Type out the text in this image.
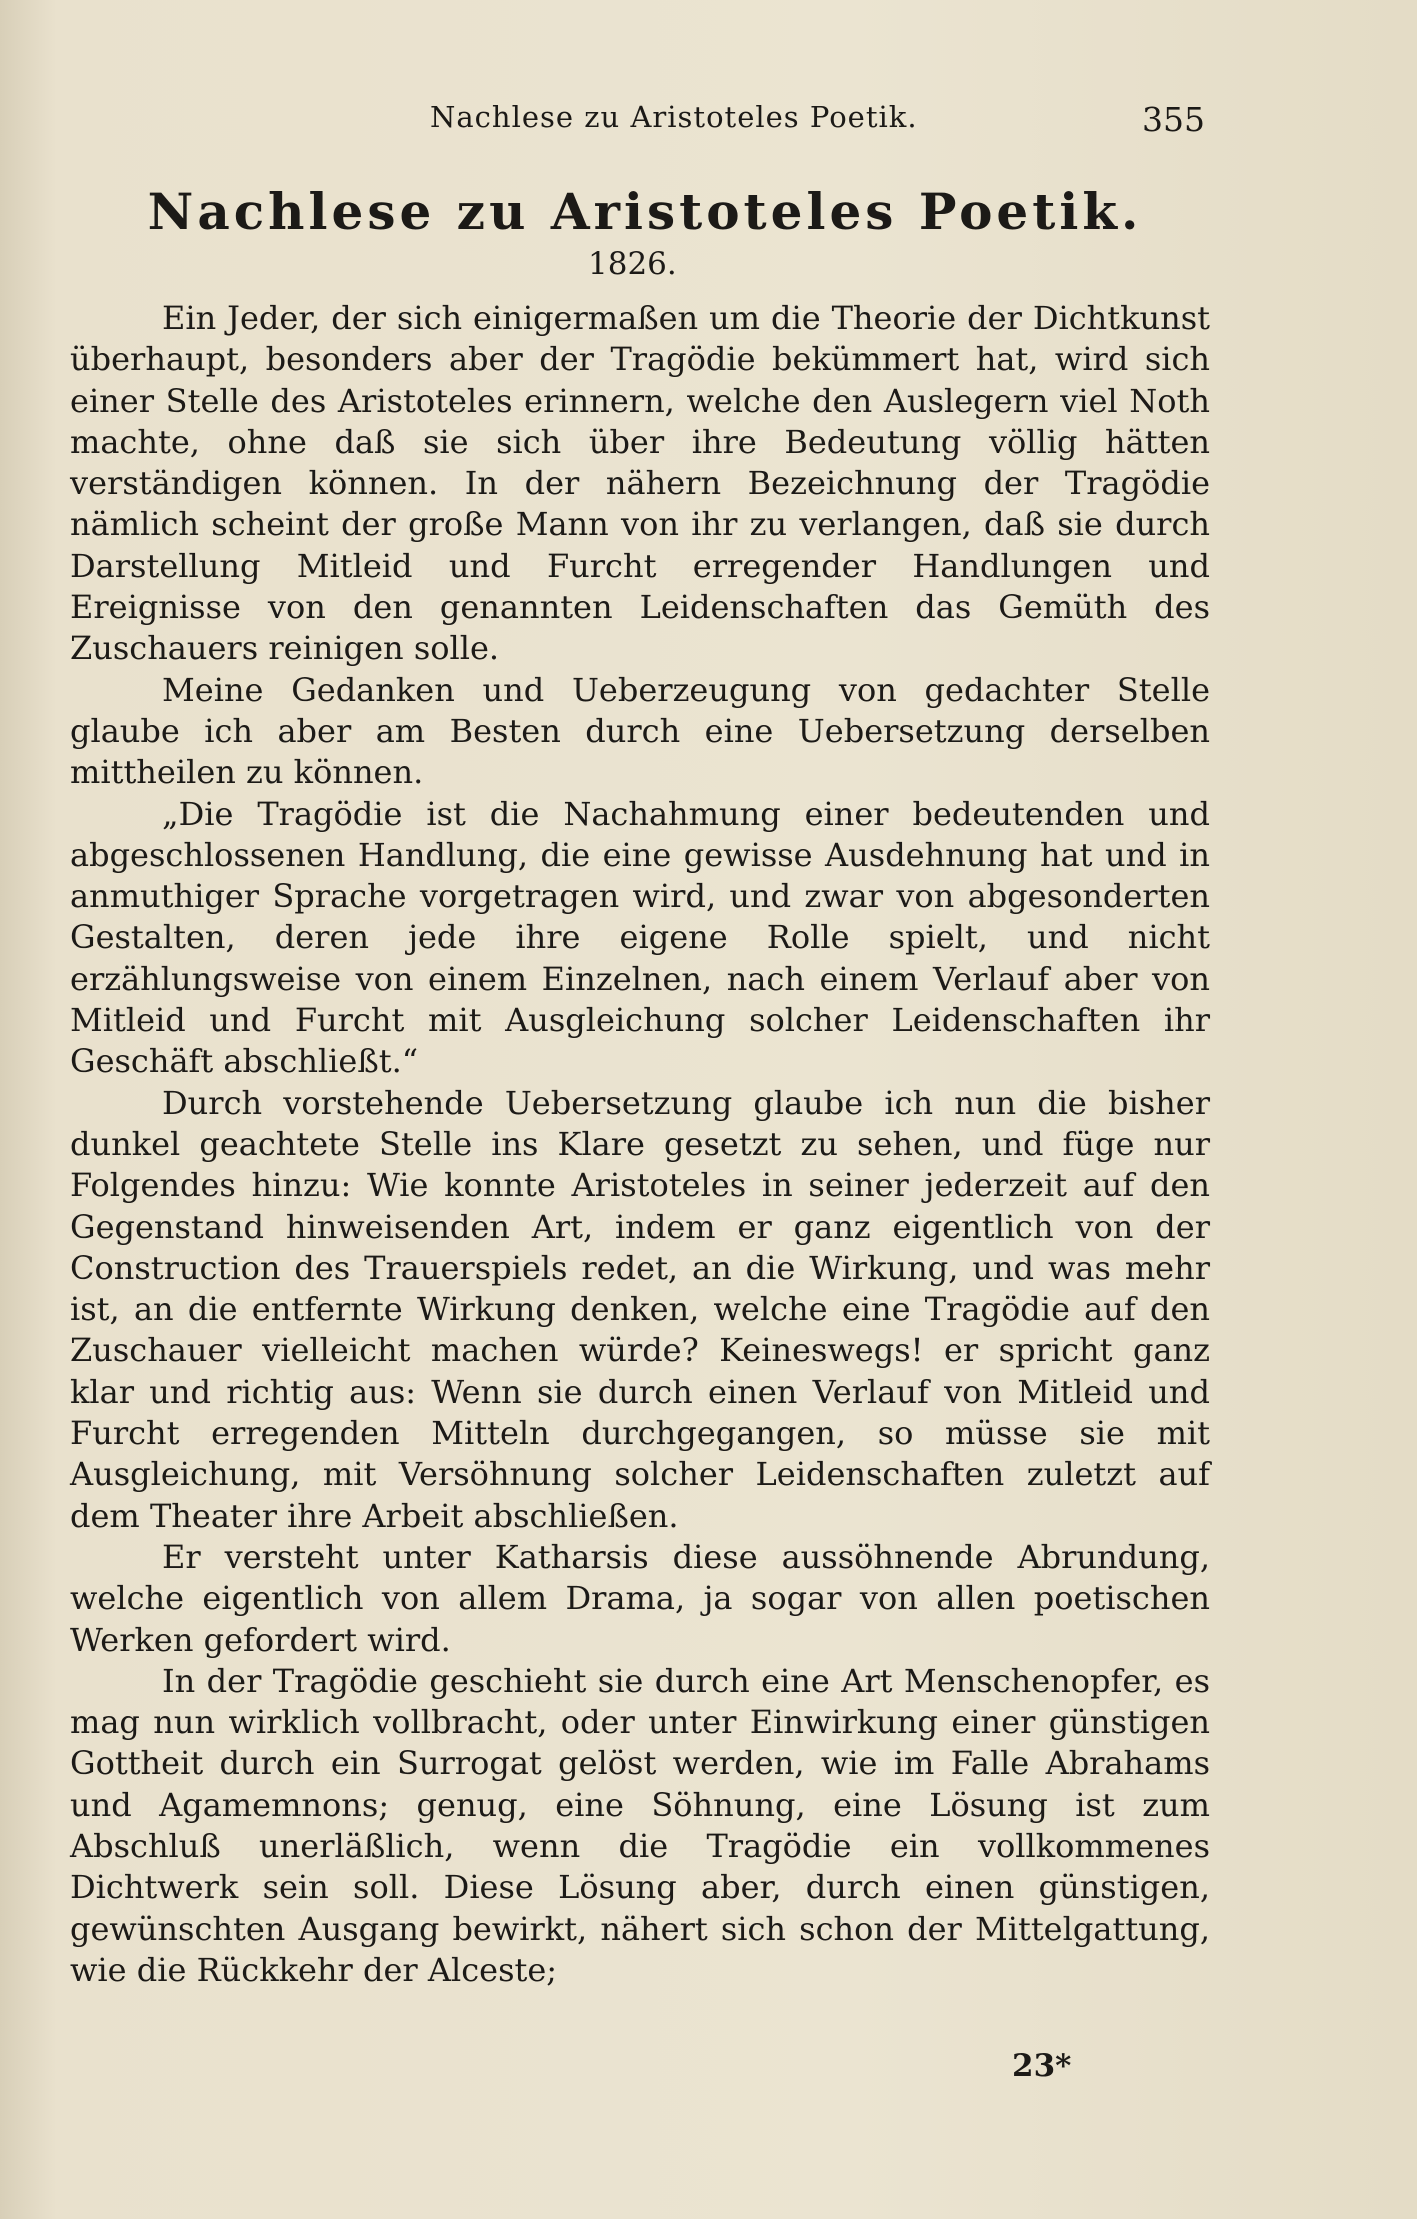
Nachlese zu Aristoteles Poetik.	355
Nachlese zu Aristoteles Poetik.
1826.

Ein Jeder, der sich einigermaßen um die Theorie der Dichtkunst überhaupt, besonders aber der Tragödie bekümmert hat, wird sich einer Stelle des Aristoteles erinnern, welche den Auslegern viel Noth machte, ohne daß sie sich über ihre Bedeutung völlig hätten verständigen können. In der nähern Bezeichnung der Tragödie nämlich scheint der große Mann von ihr zu verlangen, daß sie durch Darstellung Mitleid und Furcht erregender Handlungen und Ereignisse von den genannten Leidenschaften das Gemüth des Zuschauers reinigen solle.

Meine Gedanken und Ueberzeugung von gedachter Stelle glaube ich aber am Besten durch eine Uebersetzung derselben mittheilen zu können.

„Die Tragödie ist die Nachahmung einer bedeutenden und abgeschlossenen Handlung, die eine gewisse Ausdehnung hat und in anmuthiger Sprache vorgetragen wird, und zwar von abgesonderten Gestalten, deren jede ihre eigene Rolle spielt, und nicht erzählungsweise von einem Einzelnen, nach einem Verlauf aber von Mitleid und Furcht mit Ausgleichung solcher Leidenschaften ihr Geschäft abschließt.“

Durch vorstehende Uebersetzung glaube ich nun die bisher dunkel geachtete Stelle ins Klare gesetzt zu sehen, und füge nur Folgendes hinzu: Wie konnte Aristoteles in seiner jederzeit auf den Gegenstand hinweisenden Art, indem er ganz eigentlich von der Construction des Trauerspiels redet, an die Wirkung, und was mehr ist, an die entfernte Wirkung denken, welche eine Tragödie auf den Zuschauer vielleicht machen würde? Keineswegs! er spricht ganz klar und richtig aus: Wenn sie durch einen Verlauf von Mitleid und Furcht erregenden Mitteln durchgegangen, so müsse sie mit Ausgleichung, mit Versöhnung solcher Leidenschaften zuletzt auf dem Theater ihre Arbeit abschließen.

Er versteht unter Katharsis diese aussöhnende Abrundung, welche eigentlich von allem Drama, ja sogar von allen poetischen Werken gefordert wird.

In der Tragödie geschieht sie durch eine Art Menschenopfer, es mag nun wirklich vollbracht, oder unter Einwirkung einer günstigen Gottheit durch ein Surrogat gelöst werden, wie im Falle Abrahams und Agamemnons; genug, eine Söhnung, eine Lösung ist zum Abschluß unerläßlich, wenn die Tragödie ein vollkommenes Dichtwerk sein soll. Diese Lösung aber, durch einen günstigen, gewünschten Ausgang bewirkt, nähert sich schon der Mittelgattung, wie die Rückkehr der Alceste;

23*
